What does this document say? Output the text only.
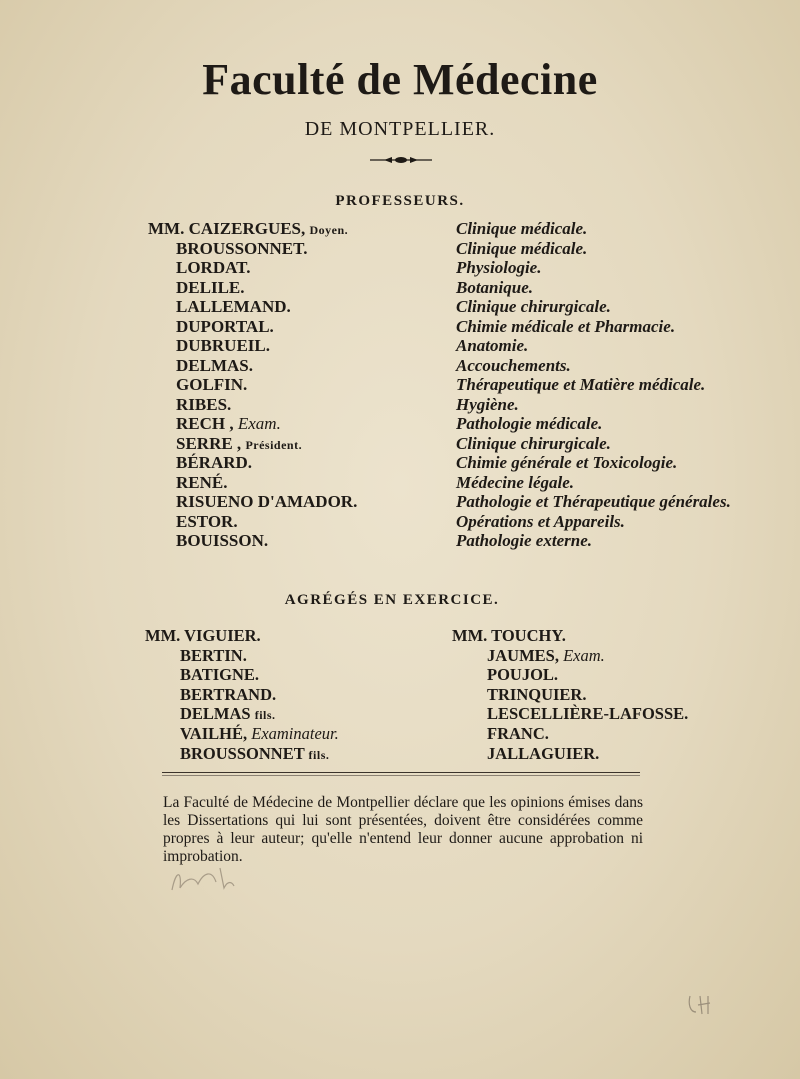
Faculté de Médecine
DE MONTPELLIER.
PROFESSEURS.
MM. CAIZERGUES, Doyen.
BROUSSONNET.
LORDAT.
DELILE.
LALLEMAND.
DUPORTAL.
DUBRUEIL.
DELMAS.
GOLFIN.
RIBES.
RECH , Exam.
SERRE , Président.
BÉRARD.
RENÉ.
RISUENO D'AMADOR.
ESTOR.
BOUISSON.
Clinique médicale.
Clinique médicale.
Physiologie.
Botanique.
Clinique chirurgicale.
Chimie médicale et Pharmacie.
Anatomie.
Accouchements.
Thérapeutique et Matière médicale.
Hygiène.
Pathologie médicale.
Clinique chirurgicale.
Chimie générale et Toxicologie.
Médecine légale.
Pathologie et Thérapeutique générales.
Opérations et Appareils.
Pathologie externe.
AGRÉGÉS EN EXERCICE.
MM. VIGUIER.
BERTIN.
BATIGNE.
BERTRAND.
DELMAS fils.
VAILHÉ, Examinateur.
BROUSSONNET fils.
MM. TOUCHY.
JAUMES, Exam.
POUJOL.
TRINQUIER.
LESCELLIÈRE-LAFOSSE.
FRANC.
JALLAGUIER.
La Faculté de Médecine de Montpellier déclare que les opinions émises dans les Dissertations qui lui sont présentées, doivent être considérées comme propres à leur auteur; qu'elle n'entend leur donner aucune approbation ni improbation.
